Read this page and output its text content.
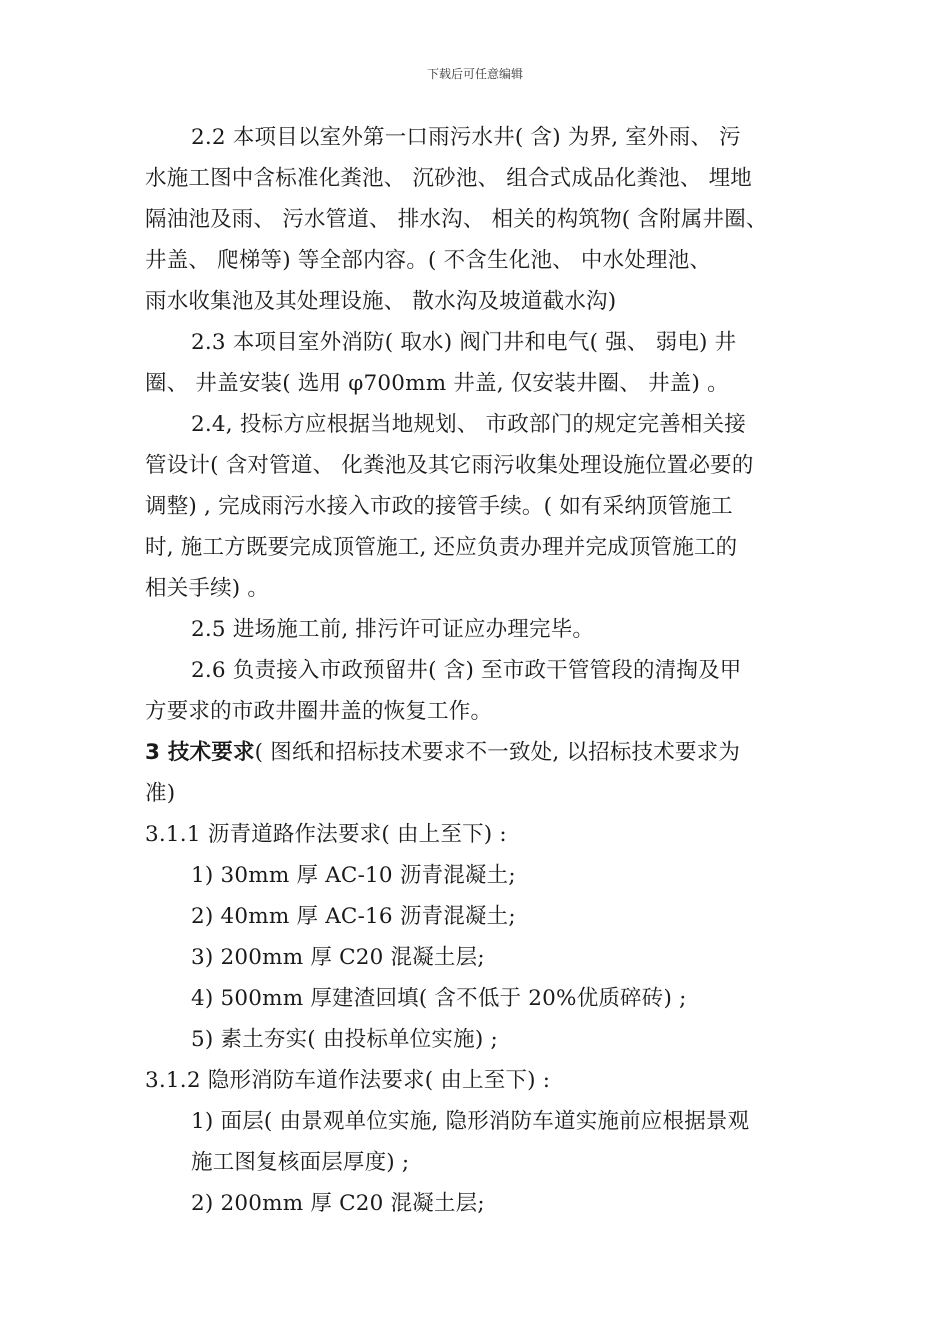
下载后可任意编辑
2.2 本项目以室外第一口雨污水井( 含) 为界, 室外雨、 污
水施工图中含标准化粪池、 沉砂池、 组合式成品化粪池、 埋地
隔油池及雨、 污水管道、 排水沟、 相关的构筑物( 含附属井圈、
井盖、 爬梯等) 等全部内容。( 不含生化池、 中水处理池、
雨水收集池及其处理设施、 散水沟及坡道截水沟)
2.3 本项目室外消防( 取水) 阀门井和电气( 强、 弱电) 井
圈、 井盖安装( 选用 φ700mm 井盖, 仅安装井圈、 井盖) 。
2.4, 投标方应根据当地规划、 市政部门的规定完善相关接
管设计( 含对管道、 化粪池及其它雨污收集处理设施位置必要的
调整) , 完成雨污水接入市政的接管手续。( 如有采纳顶管施工
时, 施工方既要完成顶管施工, 还应负责办理并完成顶管施工的
相关手续) 。
2.5 进场施工前, 排污许可证应办理完毕。
2.6 负责接入市政预留井( 含) 至市政干管管段的清掏及甲
方要求的市政井圈井盖的恢复工作。
3 技术要求( 图纸和招标技术要求不一致处, 以招标技术要求为
准)
3.1.1 沥青道路作法要求( 由上至下) :
1) 30mm 厚 AC-10 沥青混凝土;
2) 40mm 厚 AC-16 沥青混凝土;
3) 200mm 厚 C20 混凝土层;
4) 500mm 厚建渣回填( 含不低于 20%优质碎砖) ;
5) 素土夯实( 由投标单位实施) ;
3.1.2 隐形消防车道作法要求( 由上至下) :
1) 面层( 由景观单位实施, 隐形消防车道实施前应根据景观
施工图复核面层厚度) ;
2) 200mm 厚 C20 混凝土层;
